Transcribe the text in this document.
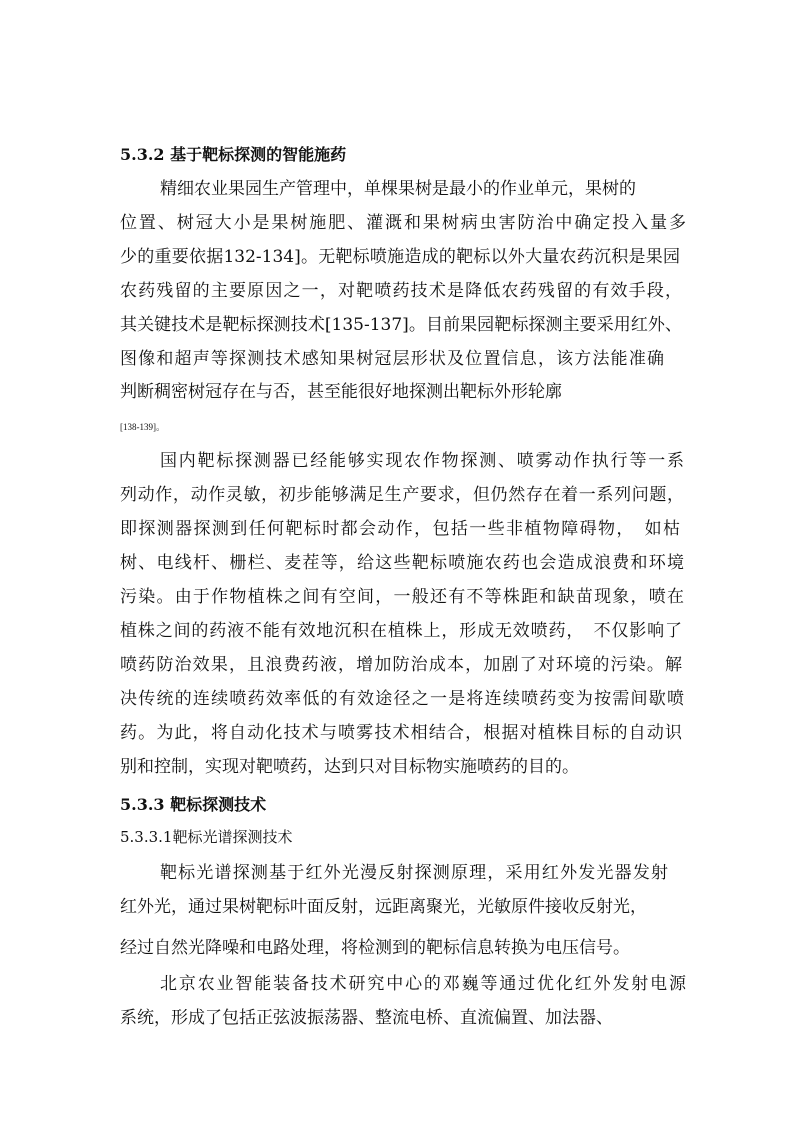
5.3.2 基于靶标探测的智能施药
精细农业果园生产管理中，单棵果树是最小的作业单元，果树的
位置、树冠大小是果树施肥、灌溉和果树病虫害防治中确定投入量多
少的重要依据132-134]。无靶标喷施造成的靶标以外大量农药沉积是果园
农药残留的主要原因之一，对靶喷药技术是降低农药残留的有效手段，
其关键技术是靶标探测技术[135-137]。目前果园靶标探测主要采用红外、
图像和超声等探测技术感知果树冠层形状及位置信息，该方法能准确
判断稠密树冠存在与否，甚至能很好地探测出靶标外形轮廓
[138-139]。
国内靶标探测器已经能够实现农作物探测、喷雾动作执行等一系
列动作，动作灵敏，初步能够满足生产要求，但仍然存在着一系列问题，
即探测器探测到任何靶标时都会动作，包括一些非植物障碍物，　如枯
树、电线杆、栅栏、麦茬等，给这些靶标喷施农药也会造成浪费和环境
污染。由于作物植株之间有空间，一般还有不等株距和缺苗现象，喷在
植株之间的药液不能有效地沉积在植株上，形成无效喷药，　不仅影响了
喷药防治效果，且浪费药液，增加防治成本，加剧了对环境的污染。解
决传统的连续喷药效率低的有效途径之一是将连续喷药变为按需间歇喷
药。为此，将自动化技术与喷雾技术相结合，根据对植株目标的自动识
别和控制，实现对靶喷药，达到只对目标物实施喷药的目的。
5.3.3 靶标探测技术
5.3.3.1靶标光谱探测技术
靶标光谱探测基于红外光漫反射探测原理，采用红外发光器发射
红外光，通过果树靶标叶面反射，远距离聚光，光敏原件接收反射光，
经过自然光降噪和电路处理，将检测到的靶标信息转换为电压信号。
北京农业智能装备技术研究中心的邓巍等通过优化红外发射电源
系统，形成了包括正弦波振荡器、整流电桥、直流偏置、加法器、
